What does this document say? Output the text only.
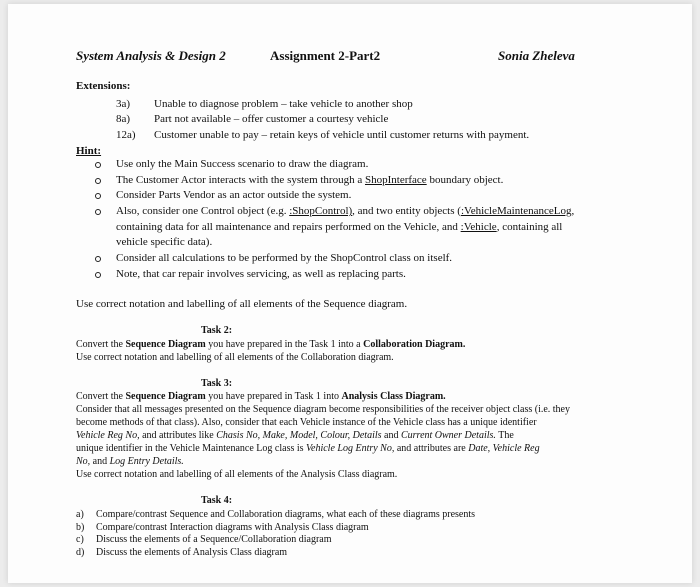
System Analysis & Design 2	Assignment 2-Part2	Sonia Zheleva
Extensions:
3a) Unable to diagnose problem – take vehicle to another shop
8a) Part not available – offer customer a courtesy vehicle
12a) Customer unable to pay – retain keys of vehicle until customer returns with payment.
Hint:
Use only the Main Success scenario to draw the diagram.
The Customer Actor interacts with the system through a ShopInterface boundary object.
Consider Parts Vendor as an actor outside the system.
Also, consider one Control object (e.g. :ShopControl), and two entity objects (:VehicleMaintenanceLog,
containing data for all maintenance and repairs performed on the Vehicle, and :Vehicle, containing all
vehicle specific data).
Consider all calculations to be performed by the ShopControl class on itself.
Note, that car repair involves servicing, as well as replacing parts.
Use correct notation and labelling of all elements of the Sequence diagram.
Task 2:
Convert the Sequence Diagram you have prepared in the Task 1 into a Collaboration Diagram.
Use correct notation and labelling of all elements of the Collaboration diagram.
Task 3:
Convert the Sequence Diagram you have prepared in Task 1 into Analysis Class Diagram.
Consider that all messages presented on the Sequence diagram become responsibilities of the receiver object class (i.e. they
become methods of that class). Also, consider that each Vehicle instance of the Vehicle class has a unique identifier
Vehicle Reg No, and attributes like Chasis No, Make, Model, Colour, Details and Current Owner Details. The
unique identifier in the Vehicle Maintenance Log class is Vehicle Log Entry No, and attributes are Date, Vehicle Reg
No, and Log Entry Details.
Use correct notation and labelling of all elements of the Analysis Class diagram.
Task 4:
a) Compare/contrast Sequence and Collaboration diagrams, what each of these diagrams presents
b) Compare/contrast Interaction diagrams with Analysis Class diagram
c) Discuss the elements of a Sequence/Collaboration diagram
d) Discuss the elements of Analysis Class diagram
